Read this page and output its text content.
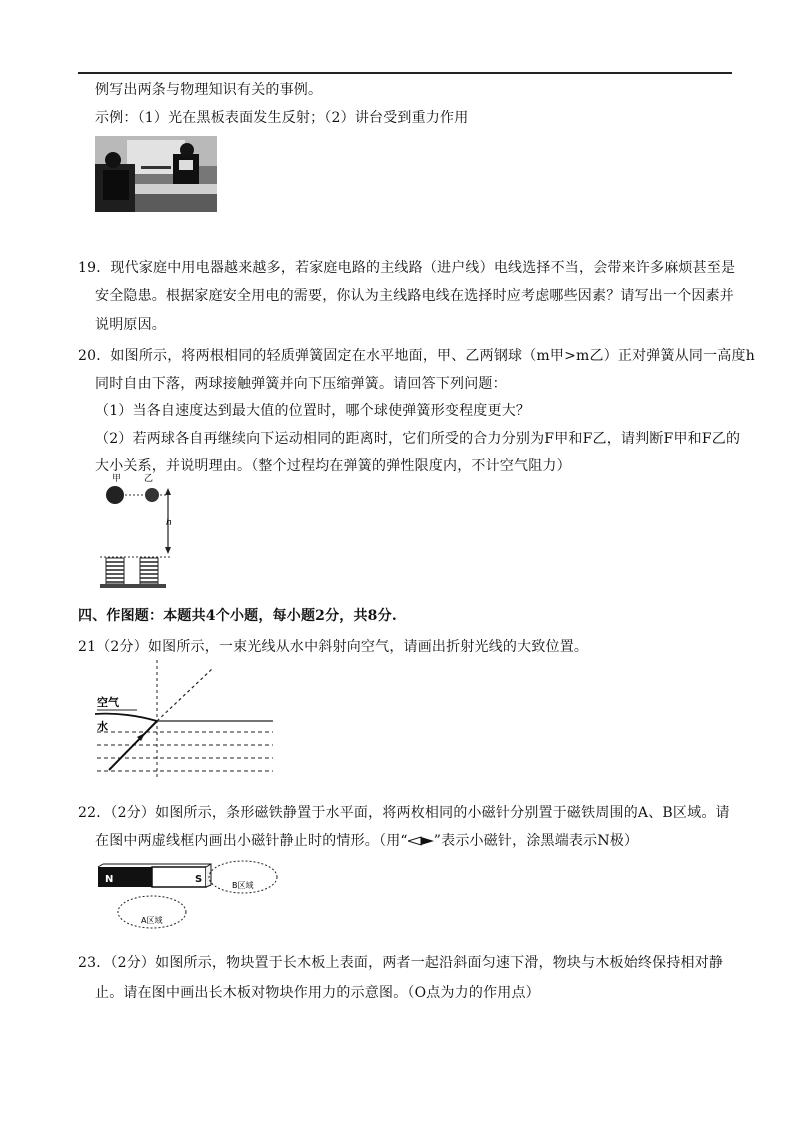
例写出两条与物理知识有关的事例。
示例：（1）光在黑板表面发生反射；（2）讲台受到重力作用
19．现代家庭中用电器越来越多，若家庭电路的主线路（进户线）电线选择不当，会带来许多麻烦甚至是
安全隐患。根据家庭安全用电的需要，你认为主线路电线在选择时应考虑哪些因素？请写出一个因素并
说明原因。
20．如图所示，将两根相同的轻质弹簧固定在水平地面，甲、乙两钢球（m甲>m乙）正对弹簧从同一高度h
同时自由下落，两球接触弹簧并向下压缩弹簧。请回答下列问题：
（1）当各自速度达到最大值的位置时，哪个球使弹簧形变程度更大？
（2）若两球各自再继续向下运动相同的距离时，它们所受的合力分别为F甲和F乙，请判断F甲和F乙的
大小关系，并说明理由。（整个过程均在弹簧的弹性限度内，不计空气阻力）
甲	乙
h
四、作图题：本题共4个小题，每小题2分，共8分.
21（2分）如图所示，一束光线从水中斜射向空气，请画出折射光线的大致位置。
空气
水
22．（2分）如图所示，条形磁铁静置于水平面，将两枚相同的小磁针分别置于磁铁周围的A、B区域。请
在图中两虚线框内画出小磁针静止时的情形。（用“ ”表示小磁针，涂黑端表示N极）
N	S
B区域
A区域
23．（2分）如图所示，物块置于长木板上表面，两者一起沿斜面匀速下滑，物块与木板始终保持相对静
止。请在图中画出长木板对物块作用力的示意图。（O点为力的作用点）
